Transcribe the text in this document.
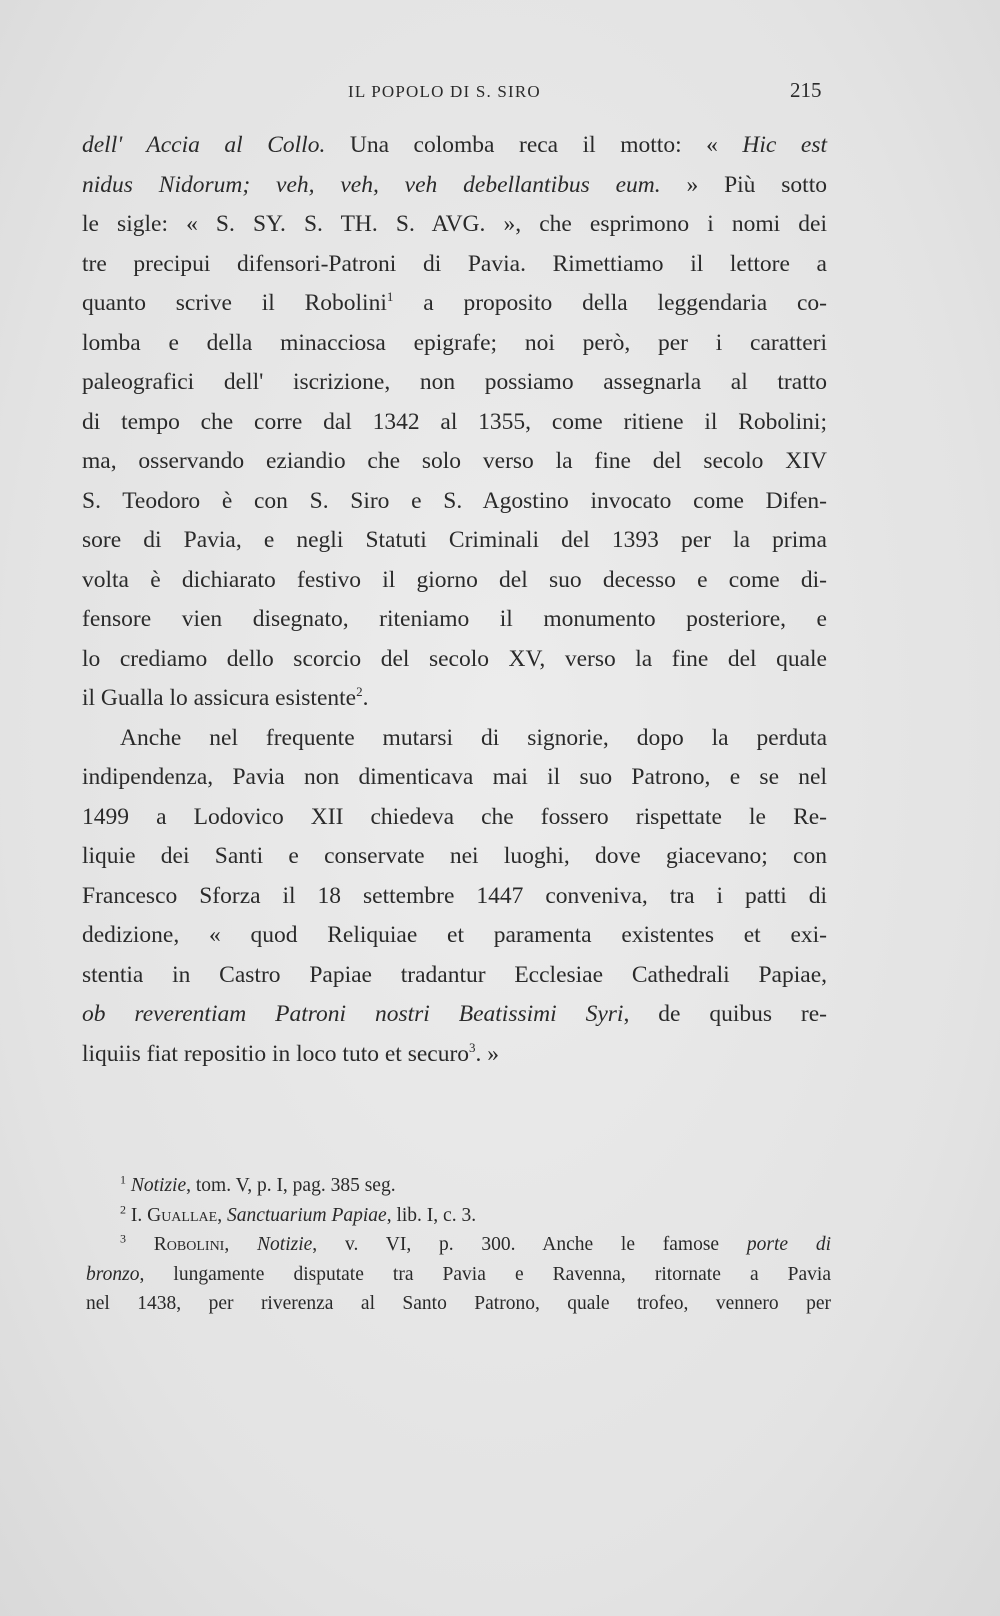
IL POPOLO DI S. SIRO	215
dell' Accia al Collo. Una colomba reca il motto: « Hic est
nidus Nidorum; veh, veh, veh debellantibus eum. » Più sotto
le sigle: « S. SY. S. TH. S. AVG. », che esprimono i nomi dei
tre precipui difensori-Patroni di Pavia. Rimettiamo il lettore a
quanto scrive il Robolini$^1$ a proposito della leggendaria co-
lomba e della minacciosa epigrafe; noi però, per i caratteri
paleografici dell' iscrizione, non possiamo assegnarla al tratto
di tempo che corre dal 1342 al 1355, come ritiene il Robolini;
ma, osservando eziandio che solo verso la fine del secolo XIV
S. Teodoro è con S. Siro e S. Agostino invocato come Difen-
sore di Pavia, e negli Statuti Criminali del 1393 per la prima
volta è dichiarato festivo il giorno del suo decesso e come di-
fensore vien disegnato, riteniamo il monumento posteriore, e
lo crediamo dello scorcio del secolo XV, verso la fine del quale
il Gualla lo assicura esistente$^2$.
Anche nel frequente mutarsi di signorie, dopo la perduta
indipendenza, Pavia non dimenticava mai il suo Patrono, e se nel
1499 a Lodovico XII chiedeva che fossero rispettate le Re-
liquie dei Santi e conservate nei luoghi, dove giacevano; con
Francesco Sforza il 18 settembre 1447 conveniva, tra i patti di
dedizione, « quod Reliquiae et paramenta existentes et exi-
stentia in Castro Papiae tradantur Ecclesiae Cathedrali Papiae,
ob reverentiam Patroni nostri Beatissimi Syri, de quibus re-
liquiis fiat repositio in loco tuto et securo$^3$. »
$^1$ Notizie, tom. V, p. I, pag. 385 seg.
$^2$ I. Guallae, Sanctuarium Papiae, lib. I, c. 3.
$^3$ Robolini, Notizie, v. VI, p. 300. Anche le famose porte di
bronzo, lungamente disputate tra Pavia e Ravenna, ritornate a Pavia
nel 1438, per riverenza al Santo Patrono, quale trofeo, vennero per
